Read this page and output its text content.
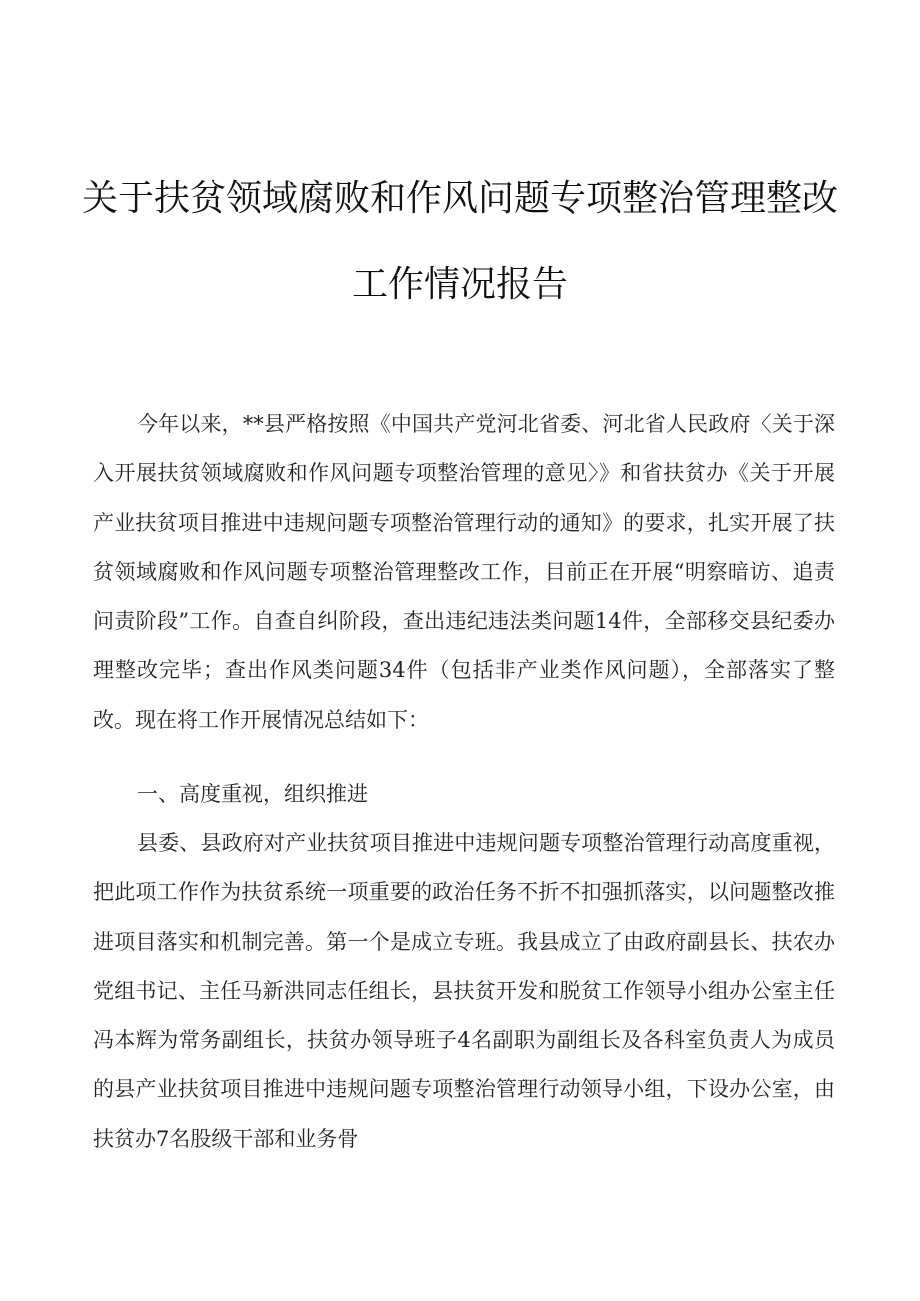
关于扶贫领域腐败和作风问题专项整治管理整改
工作情况报告

今年以来，**县严格按照《中国共产党河北省委、河北省人民政府〈关于深入开展扶贫领域腐败和作风问题专项整治管理的意见〉》和省扶贫办《关于开展产业扶贫项目推进中违规问题专项整治管理行动的通知》的要求，扎实开展了扶贫领域腐败和作风问题专项整治管理整改工作，目前正在开展“明察暗访、追责问责阶段”工作。自查自纠阶段，查出违纪违法类问题14件，全部移交县纪委办理整改完毕；查出作风类问题34件（包括非产业类作风问题），全部落实了整改。现在将工作开展情况总结如下：

一、高度重视，组织推进

县委、县政府对产业扶贫项目推进中违规问题专项整治管理行动高度重视，把此项工作作为扶贫系统一项重要的政治任务不折不扣强抓落实，以问题整改推进项目落实和机制完善。第一个是成立专班。我县成立了由政府副县长、扶农办党组书记、主任马新洪同志任组长，县扶贫开发和脱贫工作领导小组办公室主任冯本辉为常务副组长，扶贫办领导班子4名副职为副组长及各科室负责人为成员的县产业扶贫项目推进中违规问题专项整治管理行动领导小组，下设办公室，由扶贫办7名股级干部和业务骨
